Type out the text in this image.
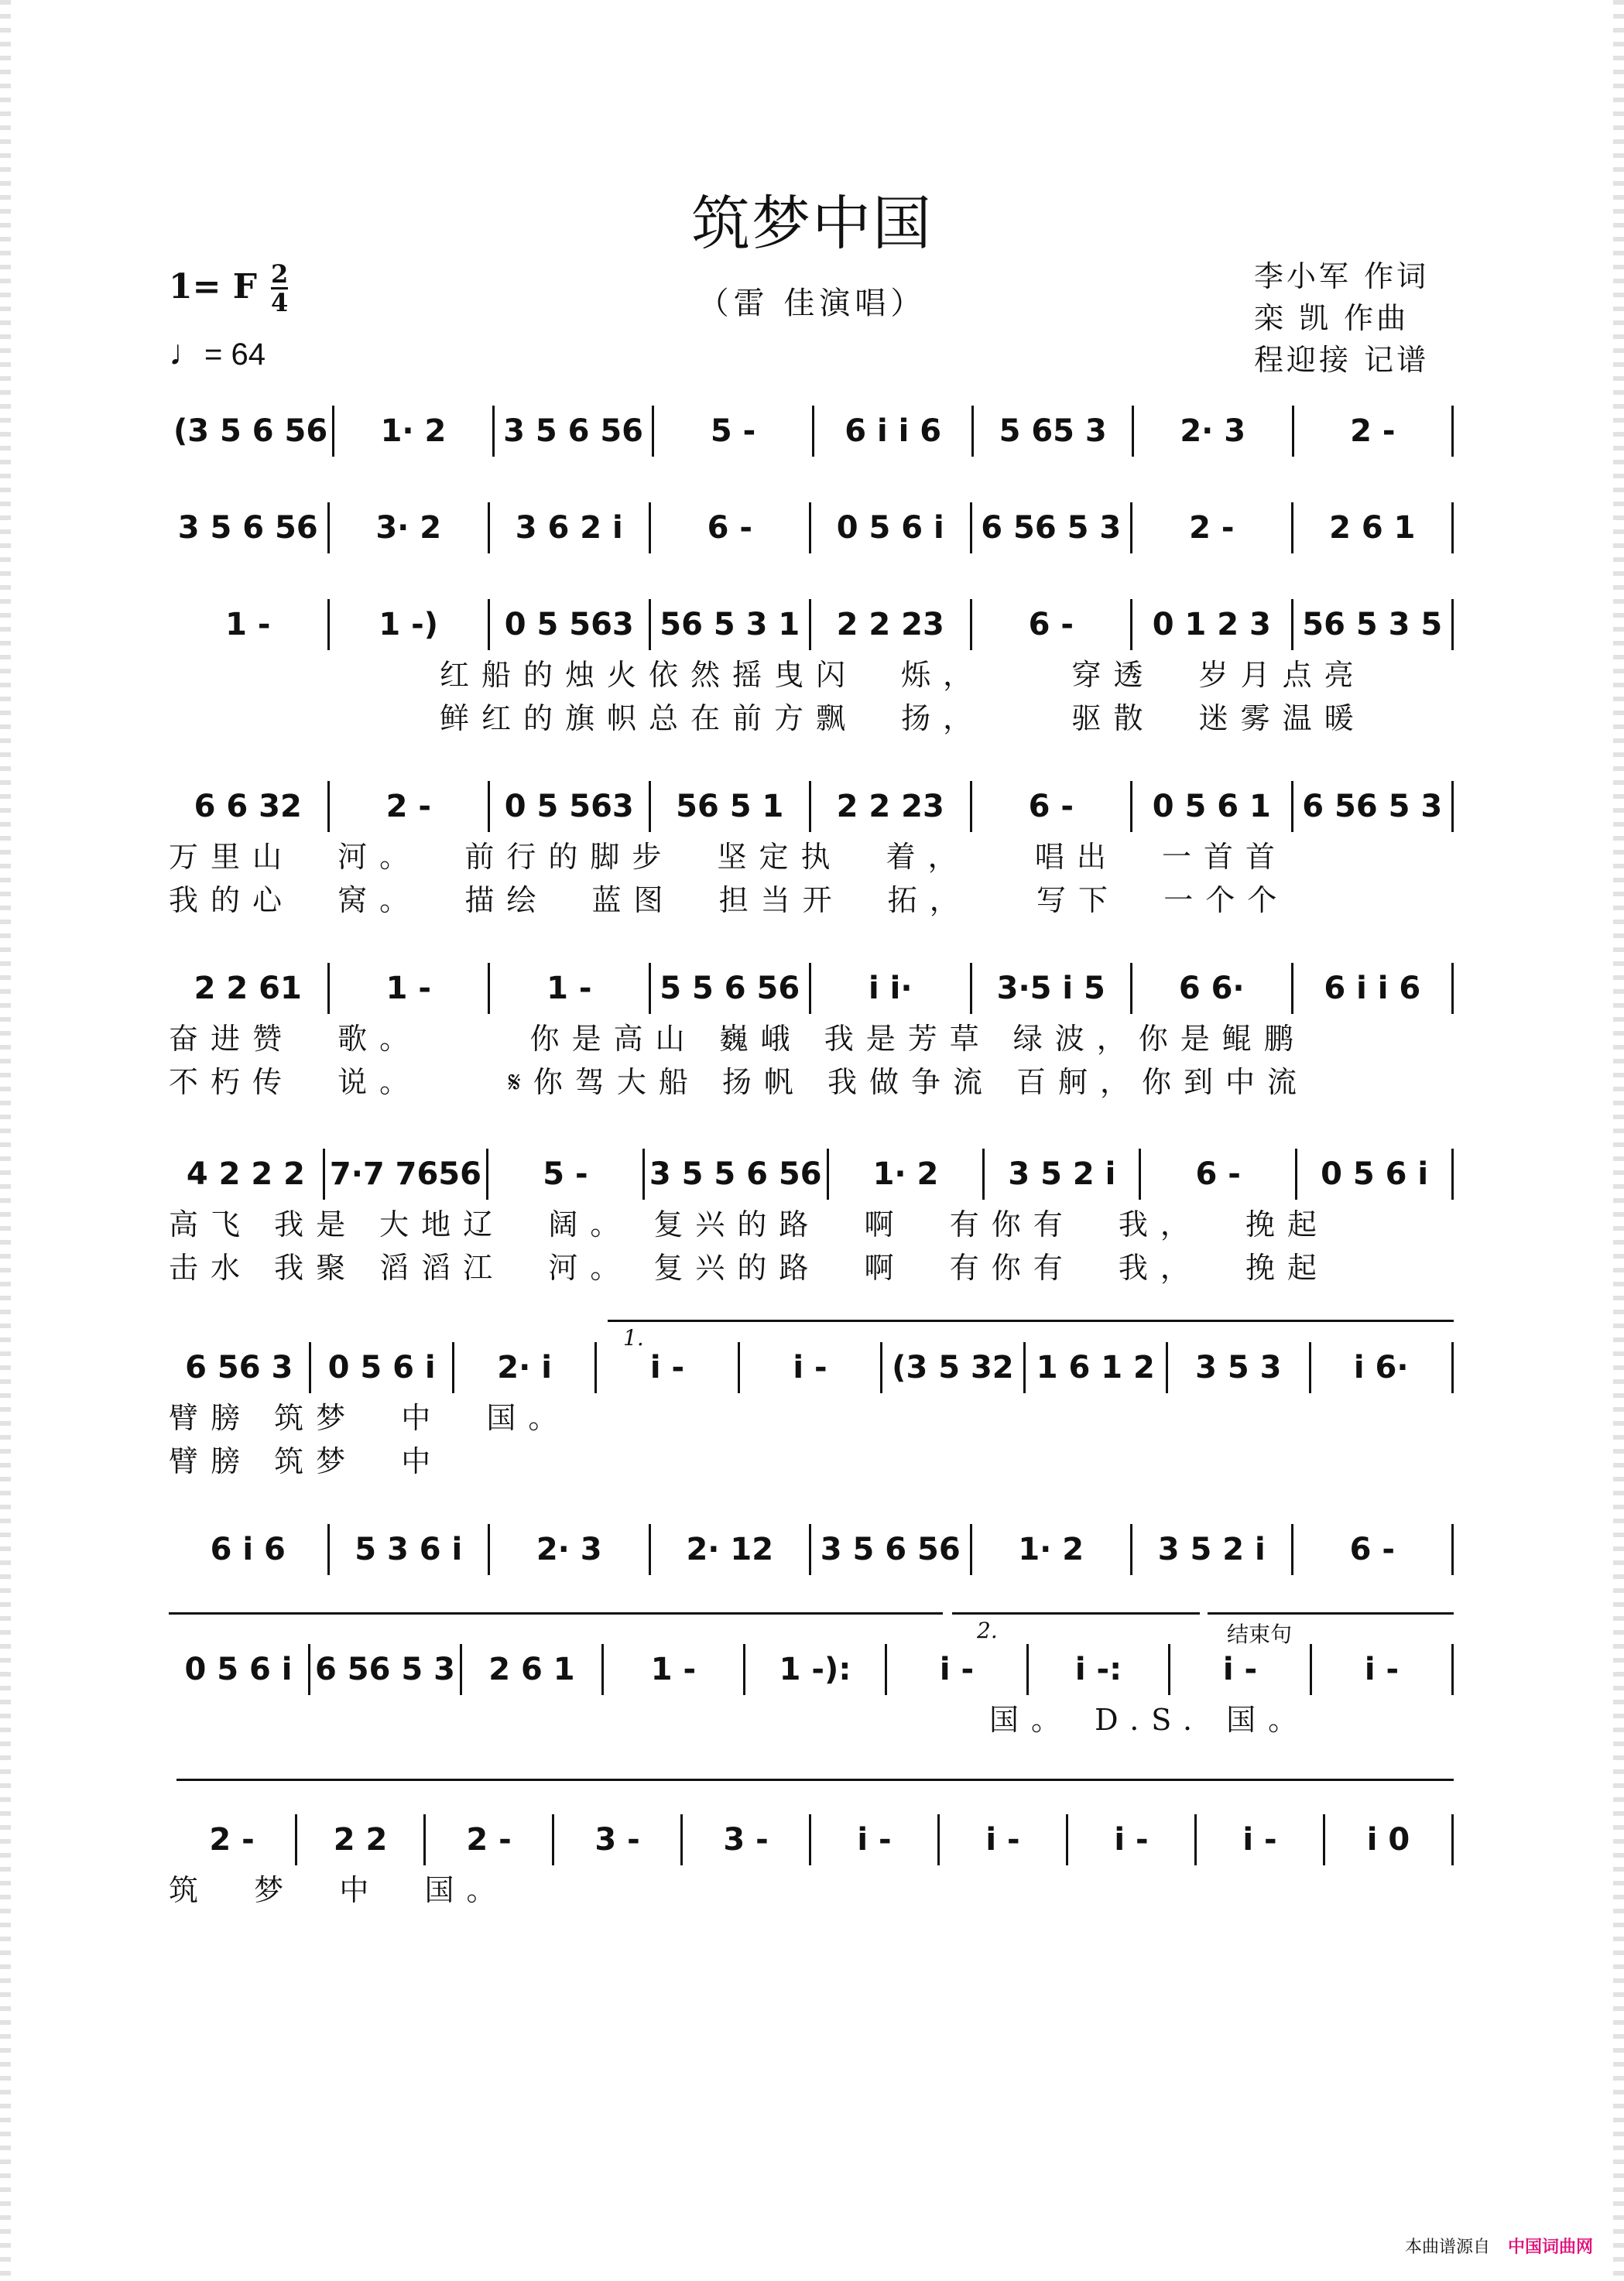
筑梦中国
（雷 佳演唱）
1= F 2
4
♩= 64
李小军 作词
栾 凯 作曲
程迎接 记谱
(3 5 6 56	1· 2	3 5 6 56	5 -	6 i i 6	5 65 3	2· 3	2 -
3 5 6 56	3· 2	3 6 2 i	6 -	0 5 6 i	6 56 5 3	2 -	2 6 1
1 -	1 -)	0 5 563 56 5 3 1	2 2 23	6 -	0 1 2 3	56 5 3 5
红船的烛火依然摇曳闪  烁，    穿透  岁月点亮
鲜红的旗帜总在前方飘  扬，    驱散  迷雾温暖
6 6 32	2 -	0 5 563	56 5 1	2 2 23	6 -	0 5 6 1	6 56 5 3
万里山  河。  前行的脚步  坚定执  着，   唱出  一首首
我的心  窝。  描绘  蓝图  担当开  拓，   写下  一个个
2 2 61	1 -	1 -	5 5 6 56	i i·	3·5 i 5	6 6·	6 i i 6
奋进赞  歌。     你是高山 巍峨 我是芳草 绿波，你是鲲鹏
不朽传  说。    𝄋你驾大船 扬帆 我做争流 百舸，你到中流
4 2 2 2 7·7 7656	5 -	3 5 5 6 56	1· 2	3 5 2 i	6 -	0 5 6 i
高飞 我是 大地辽  阔。 复兴的路  啊  有你有  我，  挽起
击水 我聚 滔滔江  河。 复兴的路  啊  有你有  我，  挽起
6 56 3	0 5 6 i	2· i	i -	i -	(3 5 32 1 6 1 2	3 5 3	i 6·
臂膀 筑梦  中  国。
臂膀 筑梦  中
6 i 6	5 3 6 i	2· 3	2· 12	3 5 6 56	1· 2	3 5 2 i	6 -
0 5 6 i 6 56 5 3	2 6 1	1 -	1 -):	i -	i -:	i -	i -
国。 D.S. 国。
2 -	2 2	2 -	3 -	3 -	i -	i -	i -	i -	i 0
筑  梦  中  国。
1.
2.	结束句
本曲谱源自 中国词曲网
